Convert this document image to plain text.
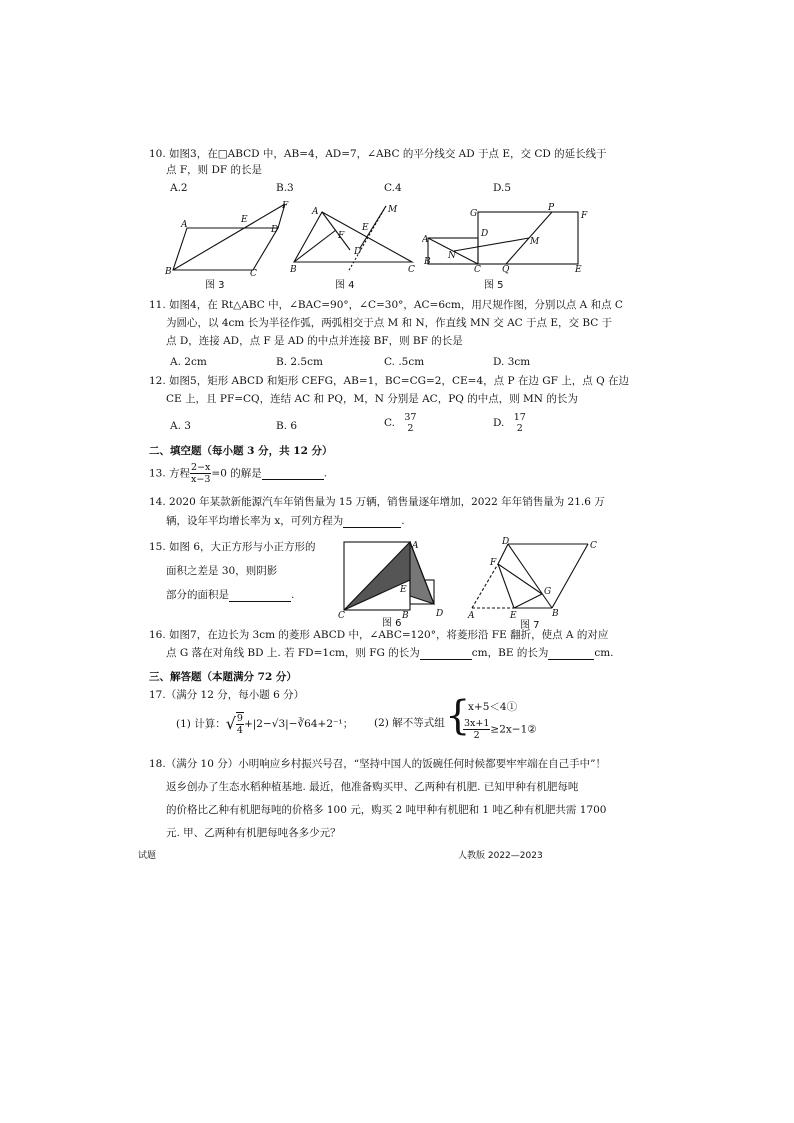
10. 如图3，在□ABCD 中，AB=4，AD=7，∠ABC 的平分线交 AD 于点 E，交 CD 的延长线于
点 F，则 DF 的长是
A.2	B.3	C.4	D.5
A	E
D
F
B	C
图 3
A	M
F
E
D
B	C
图 4
G
P
F
A
D
M
B
N
C Q	E
图 5
11. 如图4，在 Rt△ABC 中，∠BAC=90°，∠C=30°，AC=6cm，用尺规作图，分别以点 A 和点 C
为圆心，以 4cm 长为半径作弧，两弧相交于点 M 和 N，作直线 MN 交 AC 于点 E，交 BC 于
点 D，连接 AD，点 F 是 AD 的中点并连接 BF，则 BF 的长是
A. 2cm	B. 2.5cm	C. .5cm	D. 3cm
12. 如图5，矩形 ABCD 和矩形 CEFG，AB=1，BC=CG=2，CE=4，点 P 在边 GF 上，点 Q 在边
CE 上，且 PF=CQ，连结 AC 和 PQ，M，N 分别是 AC，PQ 的中点，则 MN 的长为
A. 3	B. 6	C. 37
2	D. 17
2
二、填空题（每小题 3 分，共 12 分）
13. 方程 $\frac{2-x}{x-3} =0$ 的解是	.
14. 2020 年某款新能源汽车年销售量为 15 万辆，销售量逐年增加，2022 年年销售量为 21.6 万
辆，设年平均增长率为 x，可列方程为	.
15. 如图 6，大正方形与小正方形的
面积之差是 30，则阴影
部分的面积是	.
A
E
C	B	D
图 6
D	C
F
G
A	E	B
图 7
16. 如图7，在边长为 3cm 的菱形 ABCD 中，∠ABC=120°，将菱形沿 FE 翻折，使点 A 的对应
点 G 落在对角线 BD 上. 若 FD=1cm，则 FG 的长为	cm，BE 的长为	cm.
三、解答题（本题满分 72 分）
17.（满分 12 分，每小题 6 分）
(1) 计算：√ $\frac{9}{4}$ +|2−√3|−∛64+2⁻¹； (2) 解不等式组 {
x+5＜4①
$\frac{3x+1}{2}$ ≥2x−1②
18.（满分 10 分）小明响应乡村振兴号召，“坚持中国人的饭碗任何时候都要牢牢端在自己手中”！
返乡创办了生态水稻种植基地. 最近，他准备购买甲、乙两种有机肥. 已知甲种有机肥每吨
的价格比乙种有机肥每吨的价格多 100 元，购买 2 吨甲种有机肥和 1 吨乙种有机肥共需 1700
元. 甲、乙两种有机肥每吨各多少元？
试题	人教版 2022—2023
